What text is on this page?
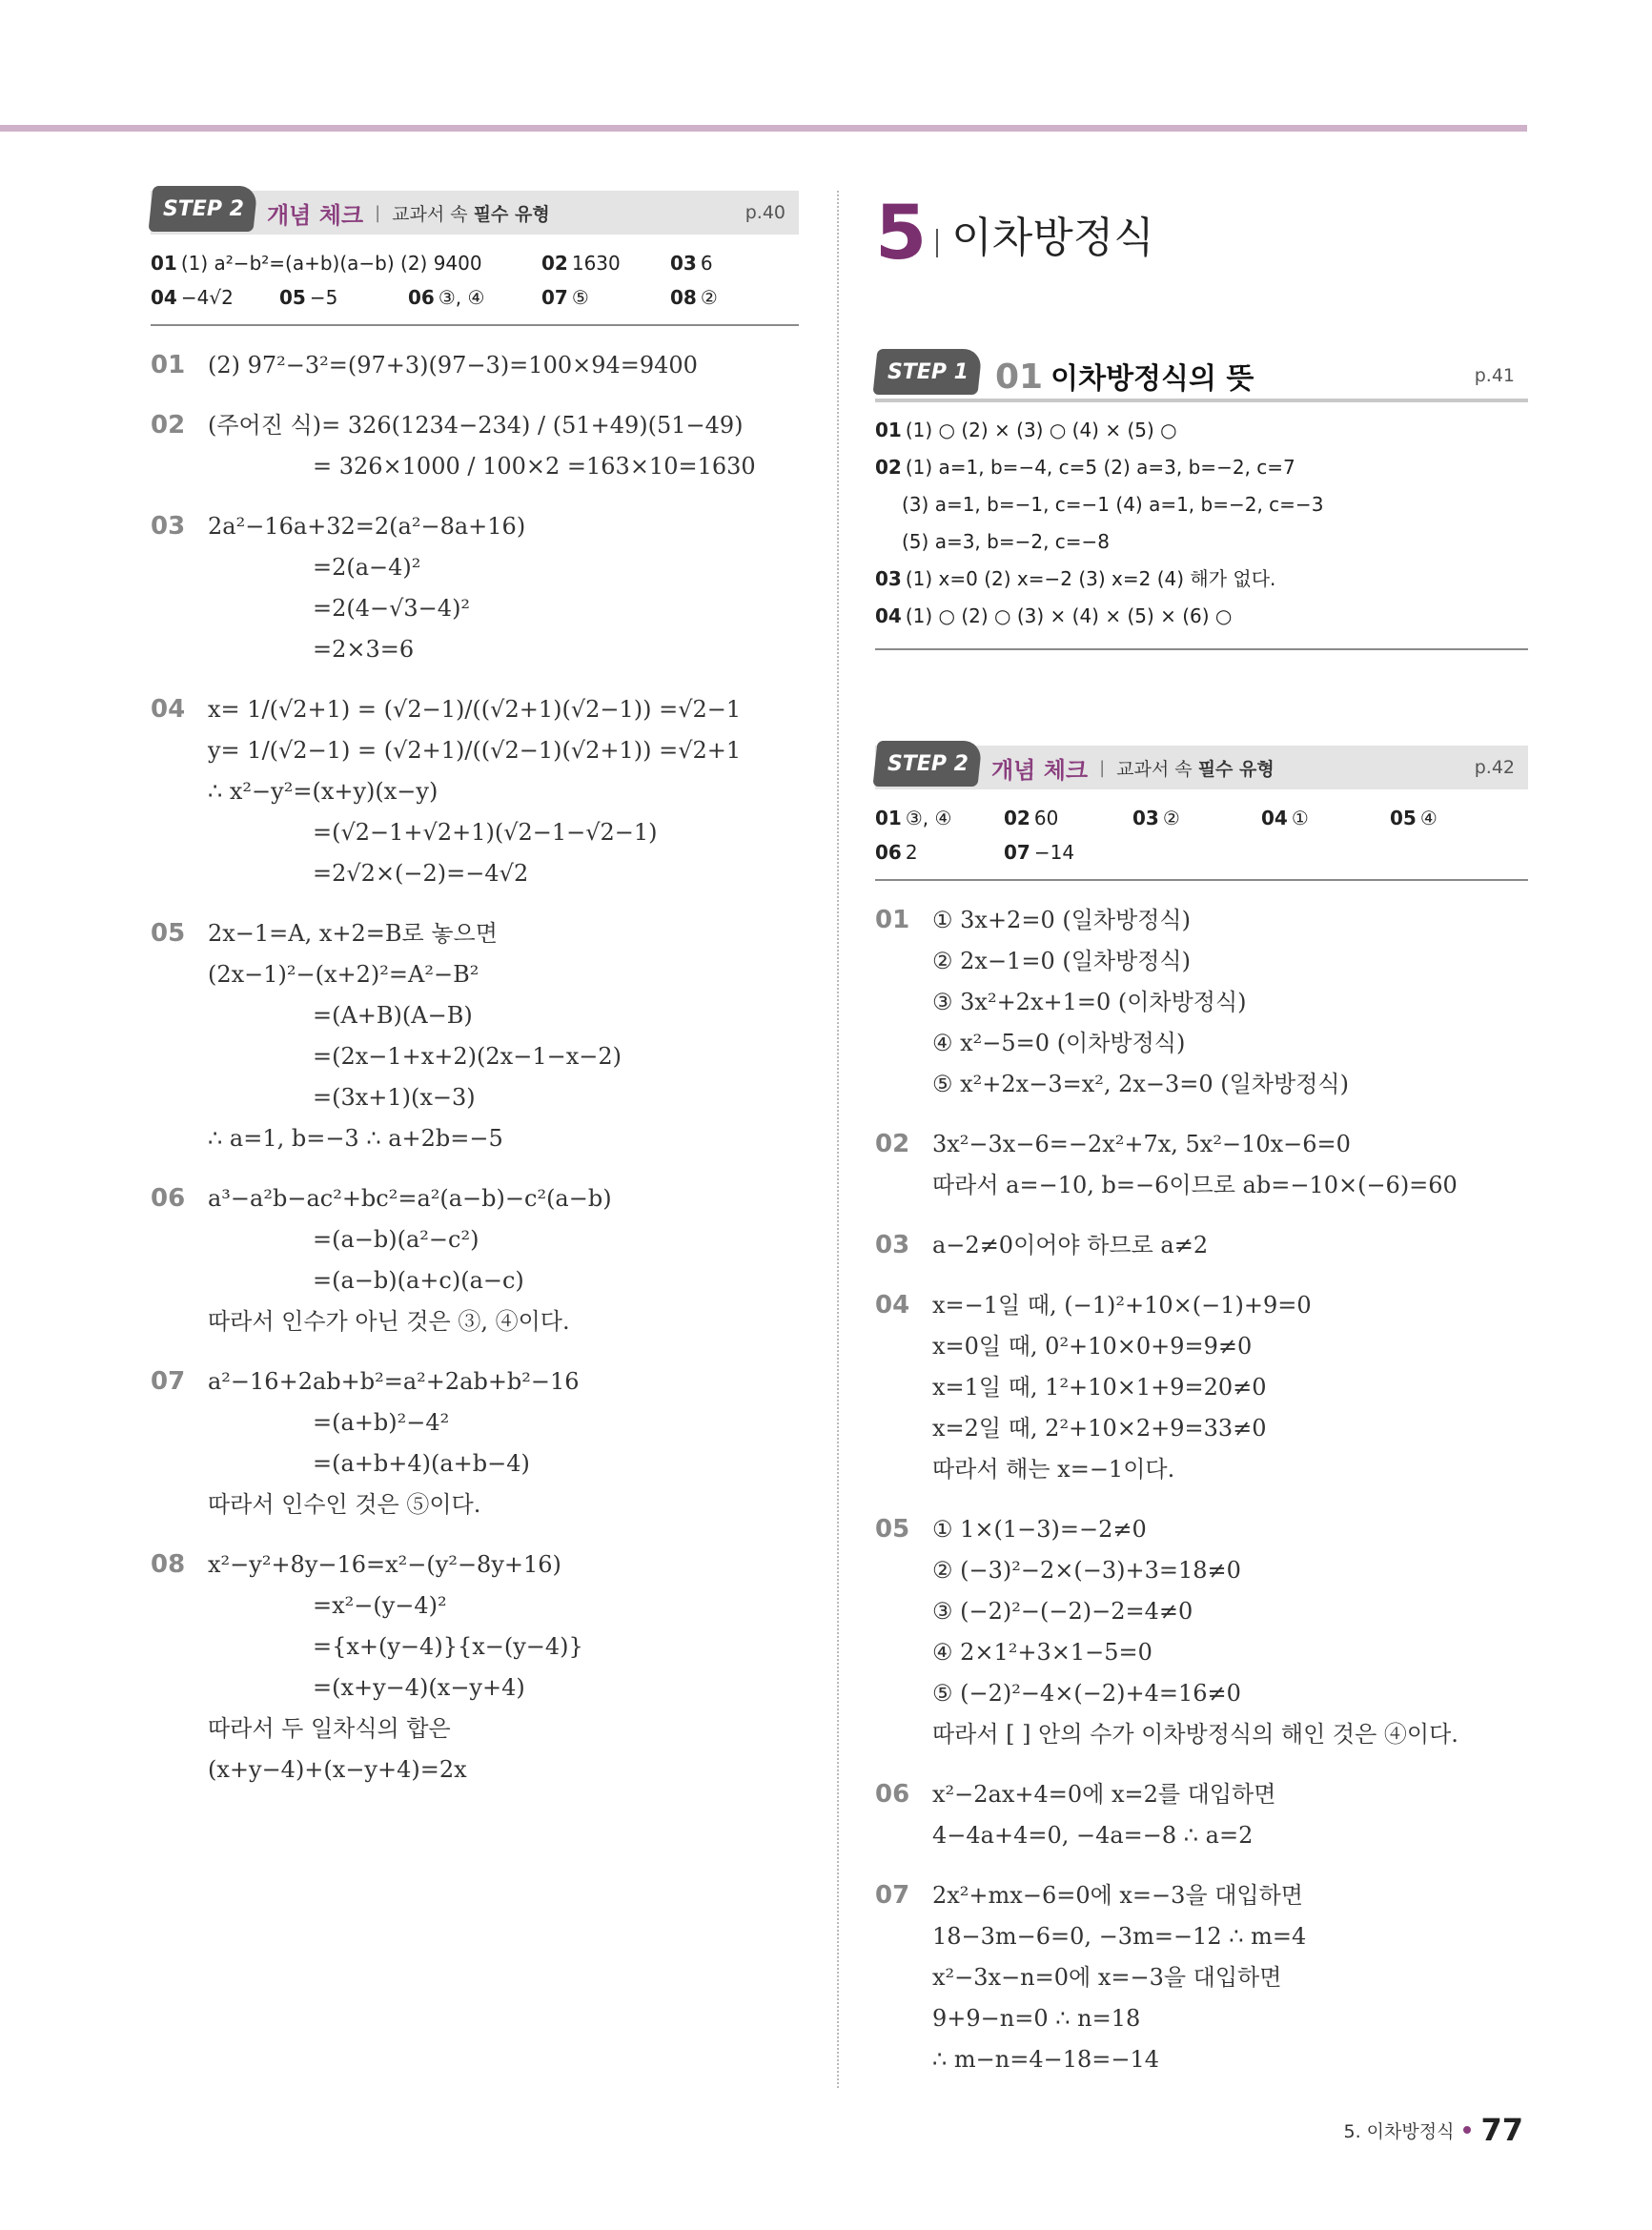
STEP 2 개념 체크 | 교과서 속 필수 유형	p.40
01 (1) a²−b²=(a+b)(a−b) (2) 9400	02 1630	03 6
04 −4√2	05 −5	06 ③, ④	07 ⑤	08 ②
01 (2) 97²−3²=(97+3)(97−3)=100×94=9400
02 (주어진 식)= 326(1234−234) / (51+49)(51−49)
= 326×1000 / 100×2 =163×10=1630
03 2a²−16a+32=2(a²−8a+16)
=2(a−4)²
=2(4−√3−4)²
=2×3=6
04 x= 1/(√2+1) = (√2−1)/((√2+1)(√2−1)) =√2−1
y= 1/(√2−1) = (√2+1)/((√2−1)(√2+1)) =√2+1
∴ x²−y²=(x+y)(x−y)
=(√2−1+√2+1)(√2−1−√2−1)
=2√2×(−2)=−4√2
05 2x−1=A, x+2=B로 놓으면
(2x−1)²−(x+2)²=A²−B²
=(A+B)(A−B)
=(2x−1+x+2)(2x−1−x−2)
=(3x+1)(x−3)
∴ a=1, b=−3 ∴ a+2b=−5
06 a³−a²b−ac²+bc²=a²(a−b)−c²(a−b)
=(a−b)(a²−c²)
=(a−b)(a+c)(a−c)
따라서 인수가 아닌 것은 ③, ④이다.
07 a²−16+2ab+b²=a²+2ab+b²−16
=(a+b)²−4²
=(a+b+4)(a+b−4)
따라서 인수인 것은 ⑤이다.
08 x²−y²+8y−16=x²−(y²−8y+16)
=x²−(y−4)²
={x+(y−4)}{x−(y−4)}
=(x+y−4)(x−y+4)
따라서 두 일차식의 합은
(x+y−4)+(x−y+4)=2x
5 이차방정식
STEP 1 01 이차방정식의 뜻	p.41
01 (1) ○ (2) × (3) ○ (4) × (5) ○
02 (1) a=1, b=−4, c=5 (2) a=3, b=−2, c=7
(3) a=1, b=−1, c=−1 (4) a=1, b=−2, c=−3
(5) a=3, b=−2, c=−8
03 (1) x=0 (2) x=−2 (3) x=2 (4) 해가 없다.
04 (1) ○ (2) ○ (3) × (4) × (5) × (6) ○
STEP 2 개념 체크 | 교과서 속 필수 유형	p.42
01 ③, ④	02 60	03 ②	04 ①	05 ④
06 2	07 −14
01 ① 3x+2=0 (일차방정식)
② 2x−1=0 (일차방정식)
③ 3x²+2x+1=0 (이차방정식)
④ x²−5=0 (이차방정식)
⑤ x²+2x−3=x², 2x−3=0 (일차방정식)
02 3x²−3x−6=−2x²+7x, 5x²−10x−6=0
따라서 a=−10, b=−6이므로 ab=−10×(−6)=60
03 a−2≠0이어야 하므로 a≠2
04 x=−1일 때, (−1)²+10×(−1)+9=0
x=0일 때, 0²+10×0+9=9≠0
x=1일 때, 1²+10×1+9=20≠0
x=2일 때, 2²+10×2+9=33≠0
따라서 해는 x=−1이다.
05 ① 1×(1−3)=−2≠0
② (−3)²−2×(−3)+3=18≠0
③ (−2)²−(−2)−2=4≠0
④ 2×1²+3×1−5=0
⑤ (−2)²−4×(−2)+4=16≠0
따라서 [ ] 안의 수가 이차방정식의 해인 것은 ④이다.
06 x²−2ax+4=0에 x=2를 대입하면
4−4a+4=0, −4a=−8 ∴ a=2
07 2x²+mx−6=0에 x=−3을 대입하면
18−3m−6=0, −3m=−12 ∴ m=4
x²−3x−n=0에 x=−3을 대입하면
9+9−n=0 ∴ n=18
∴ m−n=4−18=−14
5. 이차방정식 77
